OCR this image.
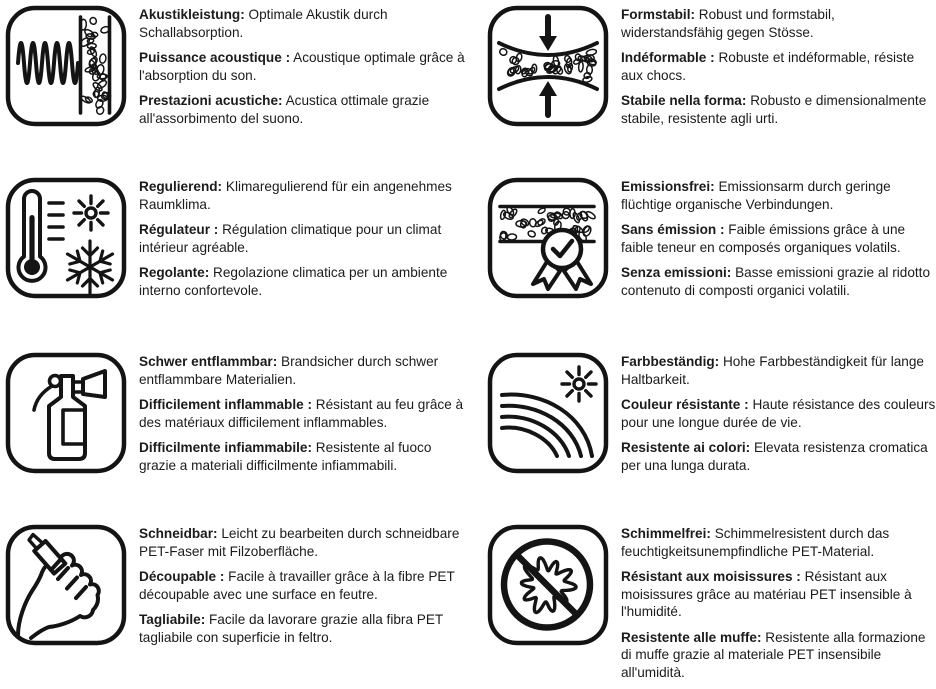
Akustikleistung: Optimale Akustik durch Schallabsorption.

Puissance acoustique : Acoustique optimale grâce à l'absorption du son.

Prestazioni acustiche: Acustica ottimale grazie all'assorbimento del suono.

Formstabil: Robust und formstabil, widerstandsfähig gegen Stösse.

Indéformable : Robuste et indéformable, résiste aux chocs.

Stabile nella forma: Robusto e dimensionalmente stabile, resistente agli urti.

Regulierend: Klimaregulierend für ein angenehmes Raumklima.

Régulateur : Régulation climatique pour un climat intérieur agréable.

Regolante: Regolazione climatica per un ambiente interno confortevole.

Emissionsfrei: Emissionsarm durch geringe flüchtige organische Verbindungen.

Sans émission : Faible émissions grâce à une faible teneur en composés organiques volatils.

Senza emissioni: Basse emissioni grazie al ridotto contenuto di composti organici volatili.

Schwer entflammbar: Brandsicher durch schwer entflammbare Materialien.

Difficilement inflammable : Résistant au feu grâce à des matériaux difficilement inflammables.

Difficilmente infiammabile: Resistente al fuoco grazie a materiali difficilmente infiammabili.

Farbbeständig: Hohe Farbbeständigkeit für lange Haltbarkeit.

Couleur résistante : Haute résistance des couleurs pour une longue durée de vie.

Resistente ai colori: Elevata resistenza cromatica per una lunga durata.

Schneidbar: Leicht zu bearbeiten durch schneidbare PET-Faser mit Filzoberfläche.

Découpable : Facile à travailler grâce à la fibre PET découpable avec une surface en feutre.

Tagliabile: Facile da lavorare grazie alla fibra PET tagliabile con superficie in feltro.

Schimmelfrei: Schimmelresistent durch das feuchtigkeitsunempfindliche PET-Material.

Résistant aux moisissures : Résistant aux moisissures grâce au matériau PET insensible à l'humidité.

Resistente alle muffe: Resistente alla formazione di muffe grazie al materiale PET insensibile all'umidità.
